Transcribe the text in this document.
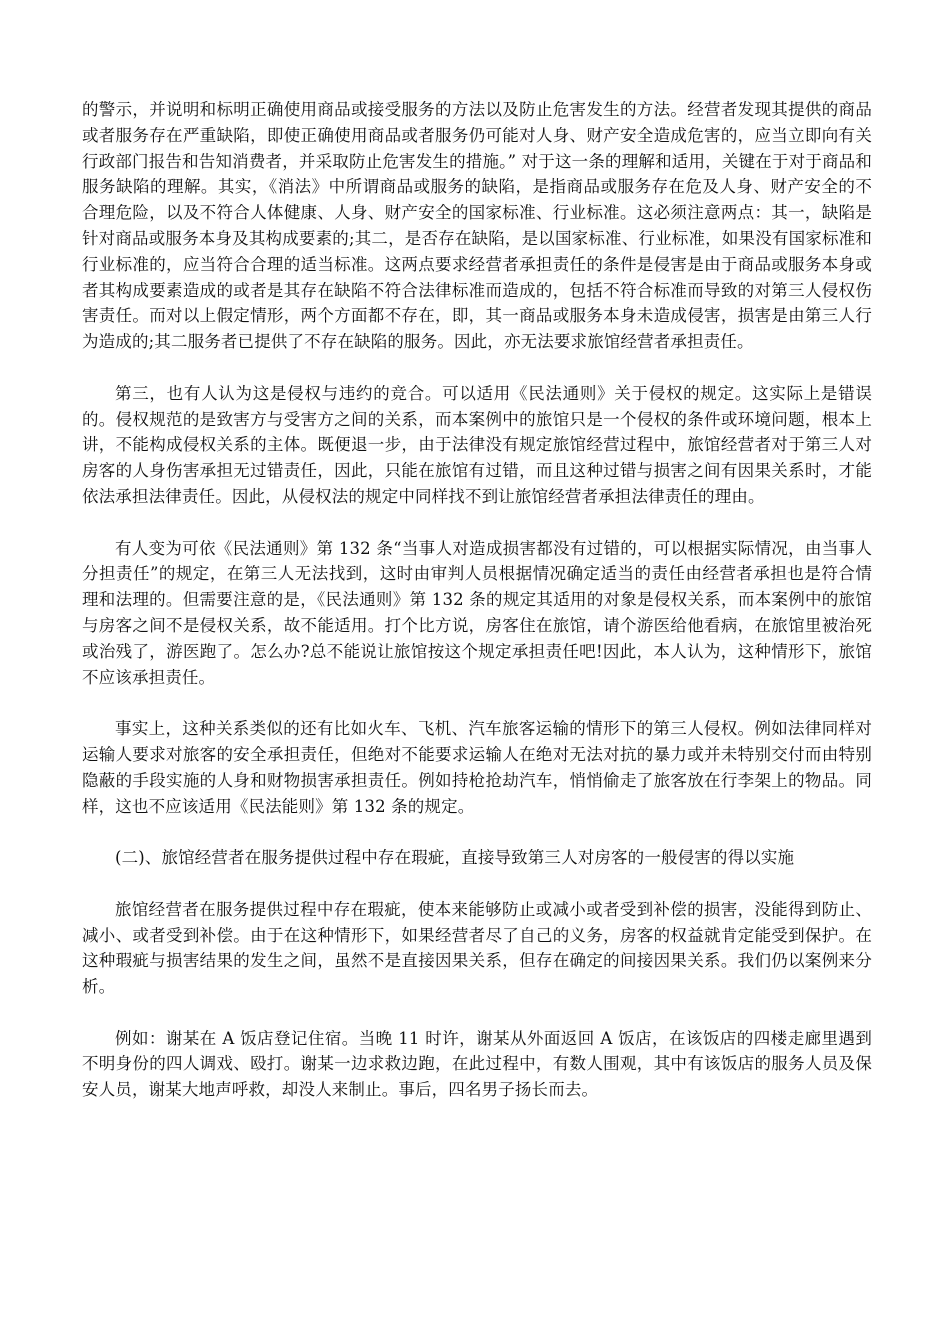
的警示，并说明和标明正确使用商品或接受服务的方法以及防止危害发生的方法。经营者发现其提供的商品或者服务存在严重缺陷，即使正确使用商品或者服务仍可能对人身、财产安全造成危害的，应当立即向有关行政部门报告和告知消费者，并采取防止危害发生的措施。” 对于这一条的理解和适用，关键在于对于商品和服务缺陷的理解。其实，《消法》中所谓商品或服务的缺陷，是指商品或服务存在危及人身、财产安全的不合理危险，以及不符合人体健康、人身、财产安全的国家标准、行业标准。这必须注意两点：其一，缺陷是针对商品或服务本身及其构成要素的;其二，是否存在缺陷，是以国家标准、行业标准，如果没有国家标准和行业标准的，应当符合合理的适当标准。这两点要求经营者承担责任的条件是侵害是由于商品或服务本身或者其构成要素造成的或者是其存在缺陷不符合法律标准而造成的，包括不符合标准而导致的对第三人侵权伤害责任。而对以上假定情形，两个方面都不存在，即，其一商品或服务本身未造成侵害，损害是由第三人行为造成的;其二服务者已提供了不存在缺陷的服务。因此，亦无法要求旅馆经营者承担责任。

第三，也有人认为这是侵权与违约的竞合。可以适用《民法通则》关于侵权的规定。这实际上是错误的。侵权规范的是致害方与受害方之间的关系，而本案例中的旅馆只是一个侵权的条件或环境问题，根本上讲，不能构成侵权关系的主体。既便退一步，由于法律没有规定旅馆经营过程中，旅馆经营者对于第三人对房客的人身伤害承担无过错责任，因此，只能在旅馆有过错，而且这种过错与损害之间有因果关系时，才能依法承担法律责任。因此，从侵权法的规定中同样找不到让旅馆经营者承担法律责任的理由。

有人变为可依《民法通则》第 132 条“当事人对造成损害都没有过错的，可以根据实际情况，由当事人分担责任”的规定，在第三人无法找到，这时由审判人员根据情况确定适当的责任由经营者承担也是符合情理和法理的。但需要注意的是，《民法通则》第 132 条的规定其适用的对象是侵权关系，而本案例中的旅馆与房客之间不是侵权关系，故不能适用。打个比方说，房客住在旅馆，请个游医给他看病，在旅馆里被治死或治残了，游医跑了。怎么办?总不能说让旅馆按这个规定承担责任吧!因此，本人认为，这种情形下，旅馆不应该承担责任。

事实上，这种关系类似的还有比如火车、飞机、汽车旅客运输的情形下的第三人侵权。例如法律同样对运输人要求对旅客的安全承担责任，但绝对不能要求运输人在绝对无法对抗的暴力或并未特别交付而由特别隐蔽的手段实施的人身和财物损害承担责任。例如持枪抢劫汽车，悄悄偷走了旅客放在行李架上的物品。同样，这也不应该适用《民法能则》第 132 条的规定。

(二)、旅馆经营者在服务提供过程中存在瑕疵，直接导致第三人对房客的一般侵害的得以实施

旅馆经营者在服务提供过程中存在瑕疵，使本来能够防止或减小或者受到补偿的损害，没能得到防止、减小、或者受到补偿。由于在这种情形下，如果经营者尽了自己的义务，房客的权益就肯定能受到保护。在这种瑕疵与损害结果的发生之间，虽然不是直接因果关系，但存在确定的间接因果关系。我们仍以案例来分析。

例如：谢某在 A 饭店登记住宿。当晚 11 时许，谢某从外面返回 A 饭店，在该饭店的四楼走廊里遇到不明身份的四人调戏、殴打。谢某一边求救边跑，在此过程中，有数人围观，其中有该饭店的服务人员及保安人员，谢某大地声呼救，却没人来制止。事后，四名男子扬长而去。
